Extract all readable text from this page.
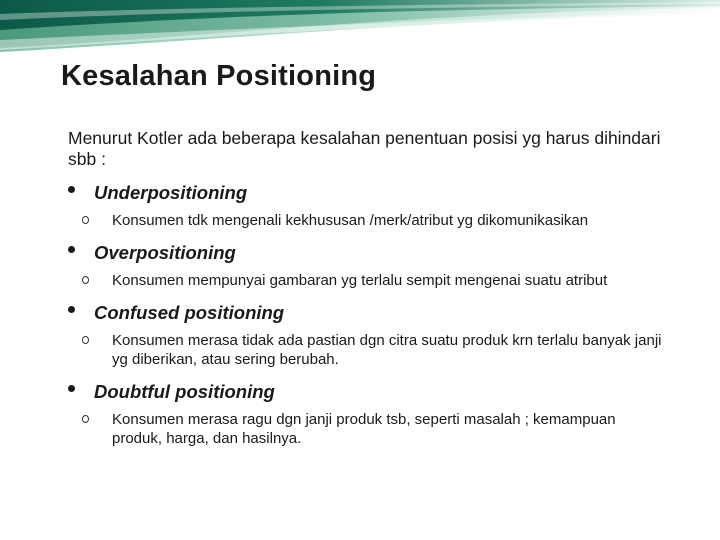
Kesalahan Positioning

Menurut Kotler ada beberapa kesalahan penentuan posisi yg harus dihindari sbb :

Underpositioning
Konsumen tdk mengenali kekhususan /merk/atribut yg dikomunikasikan
Overpositioning
Konsumen mempunyai gambaran yg terlalu sempit mengenai suatu atribut
Confused positioning
Konsumen merasa tidak ada pastian dgn citra suatu produk krn terlalu banyak janji yg diberikan, atau sering berubah.
Doubtful positioning
Konsumen merasa ragu dgn janji produk tsb, seperti masalah ; kemampuan produk, harga, dan hasilnya.
